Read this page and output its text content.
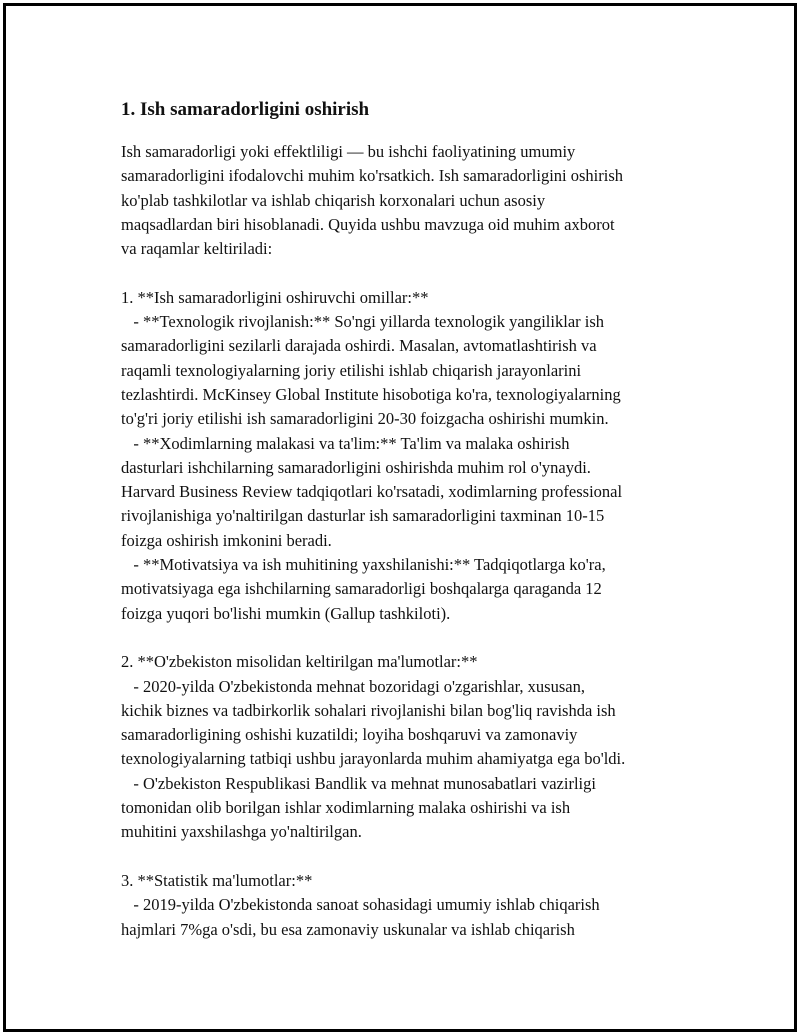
1. Ish samaradorligini oshirish
Ish samaradorligi yoki effektliligi — bu ishchi faoliyatining umumiy
samaradorligini ifodalovchi muhim ko'rsatkich. Ish samaradorligini oshirish
ko'plab tashkilotlar va ishlab chiqarish korxonalari uchun asosiy
maqsadlardan biri hisoblanadi. Quyida ushbu mavzuga oid muhim axborot
va raqamlar keltiriladi:
1. **Ish samaradorligini oshiruvchi omillar:**
- **Texnologik rivojlanish:** So'ngi yillarda texnologik yangiliklar ish
samaradorligini sezilarli darajada oshirdi. Masalan, avtomatlashtirish va
raqamli texnologiyalarning joriy etilishi ishlab chiqarish jarayonlarini
tezlashtirdi. McKinsey Global Institute hisobotiga ko'ra, texnologiyalarning
to'g'ri joriy etilishi ish samaradorligini 20-30 foizgacha oshirishi mumkin.
- **Xodimlarning malakasi va ta'lim:** Ta'lim va malaka oshirish
dasturlari ishchilarning samaradorligini oshirishda muhim rol o'ynaydi.
Harvard Business Review tadqiqotlari ko'rsatadi, xodimlarning professional
rivojlanishiga yo'naltirilgan dasturlar ish samaradorligini taxminan 10-15
foizga oshirish imkonini beradi.
- **Motivatsiya va ish muhitining yaxshilanishi:** Tadqiqotlarga ko'ra,
motivatsiyaga ega ishchilarning samaradorligi boshqalarga qaraganda 12
foizga yuqori bo'lishi mumkin (Gallup tashkiloti).
2. **O'zbekiston misolidan keltirilgan ma'lumotlar:**
- 2020-yilda O'zbekistonda mehnat bozoridagi o'zgarishlar, xususan,
kichik biznes va tadbirkorlik sohalari rivojlanishi bilan bog'liq ravishda ish
samaradorligining oshishi kuzatildi; loyiha boshqaruvi va zamonaviy
texnologiyalarning tatbiqi ushbu jarayonlarda muhim ahamiyatga ega bo'ldi.
- O'zbekiston Respublikasi Bandlik va mehnat munosabatlari vazirligi
tomonidan olib borilgan ishlar xodimlarning malaka oshirishi va ish
muhitini yaxshilashga yo'naltirilgan.
3. **Statistik ma'lumotlar:**
- 2019-yilda O'zbekistonda sanoat sohasidagi umumiy ishlab chiqarish
hajmlari 7%ga o'sdi, bu esa zamonaviy uskunalar va ishlab chiqarish
